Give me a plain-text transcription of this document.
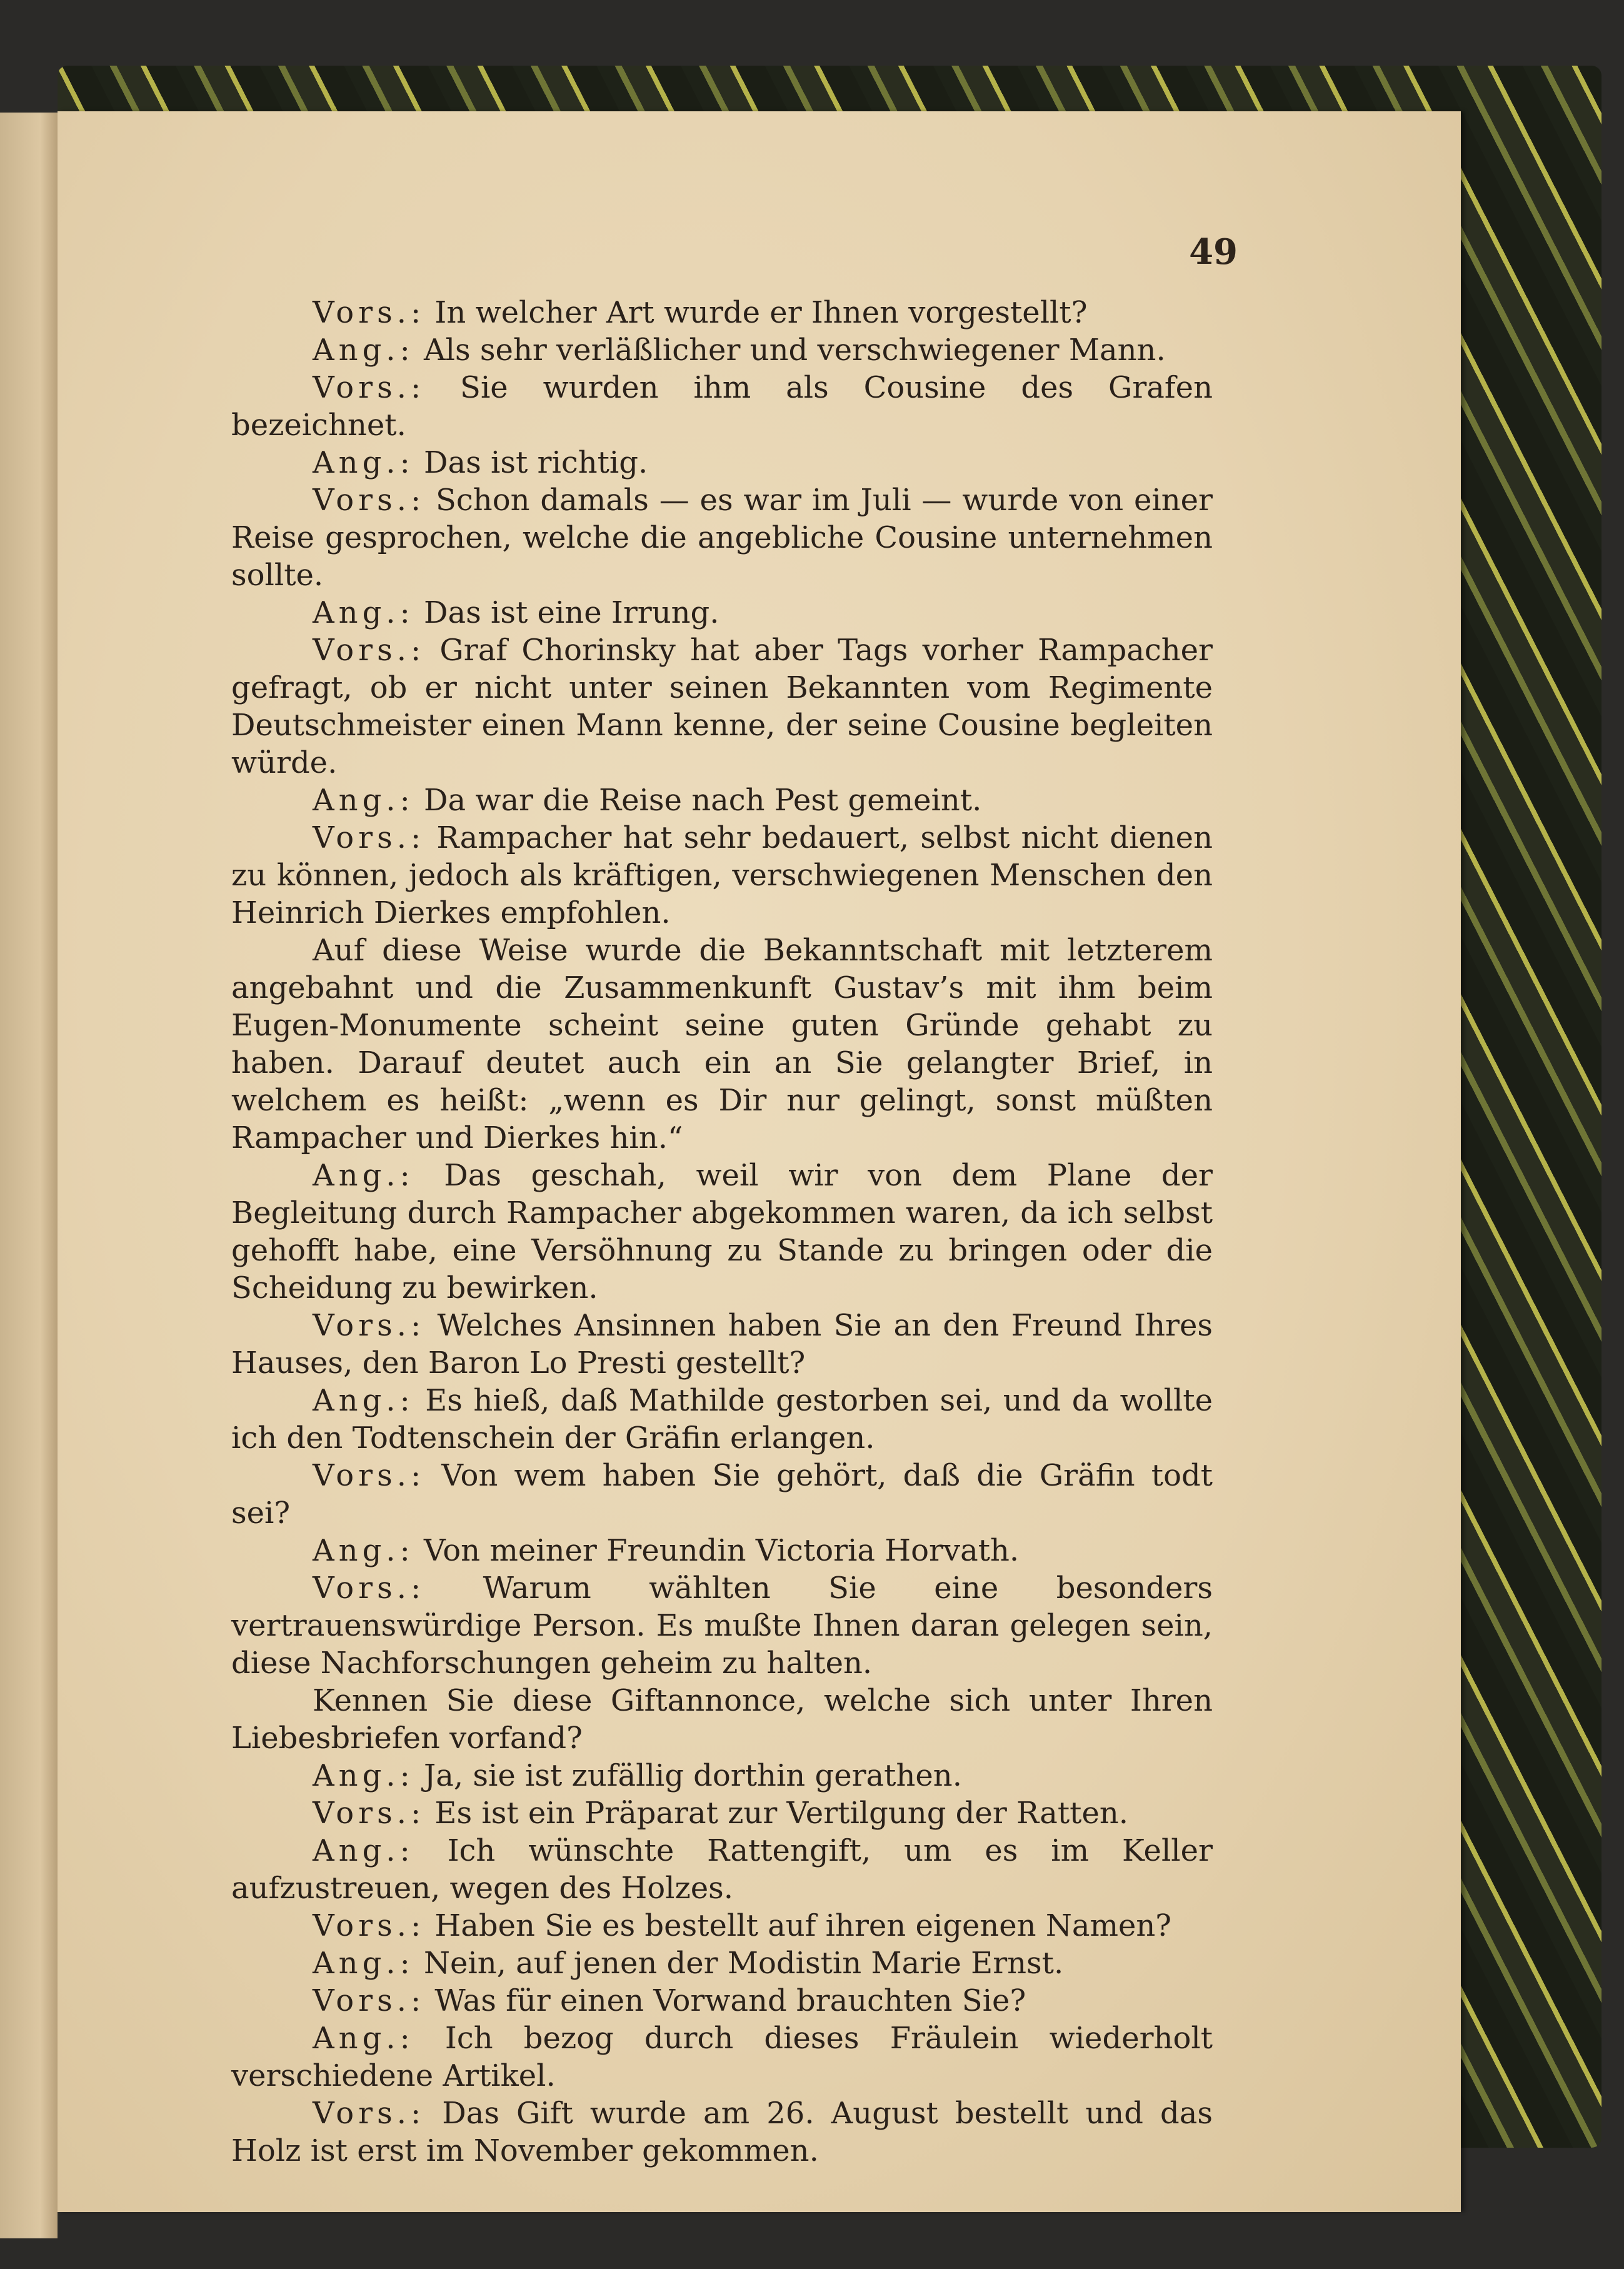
49

Vors.: In welcher Art wurde er Ihnen vorgestellt?

Ang.: Als sehr verläßlicher und verschwiegener Mann.

Vors.: Sie wurden ihm als Cousine des Grafen bezeichnet.

Ang.: Das ist richtig.

Vors.: Schon damals — es war im Juli — wurde von einer Reise gesprochen, welche die angebliche Cousine unternehmen sollte.

Ang.: Das ist eine Irrung.

Vors.: Graf Chorinsky hat aber Tags vorher Rampacher gefragt, ob er nicht unter seinen Bekannten vom Regimente Deutschmeister einen Mann kenne, der seine Cousine begleiten würde.

Ang.: Da war die Reise nach Pest gemeint.

Vors.: Rampacher hat sehr bedauert, selbst nicht dienen zu können, jedoch als kräftigen, verschwiegenen Menschen den Heinrich Dierkes empfohlen.

Auf diese Weise wurde die Bekanntschaft mit letzterem angebahnt und die Zusammenkunft Gustav’s mit ihm beim Eugen-Monumente scheint seine guten Gründe gehabt zu haben. Darauf deutet auch ein an Sie gelangter Brief, in welchem es heißt: „wenn es Dir nur gelingt, sonst müßten Rampacher und Dierkes hin.“

Ang.: Das geschah, weil wir von dem Plane der Begleitung durch Rampacher abgekommen waren, da ich selbst gehofft habe, eine Versöhnung zu Stande zu bringen oder die Scheidung zu bewirken.

Vors.: Welches Ansinnen haben Sie an den Freund Ihres Hauses, den Baron Lo Presti gestellt?

Ang.: Es hieß, daß Mathilde gestorben sei, und da wollte ich den Todtenschein der Gräfin erlangen.

Vors.: Von wem haben Sie gehört, daß die Gräfin todt sei?

Ang.: Von meiner Freundin Victoria Horvath.

Vors.: Warum wählten Sie eine besonders vertrauenswürdige Person. Es mußte Ihnen daran gelegen sein, diese Nachforschungen geheim zu halten.

Kennen Sie diese Giftannonce, welche sich unter Ihren Liebesbriefen vorfand?

Ang.: Ja, sie ist zufällig dorthin gerathen.

Vors.: Es ist ein Präparat zur Vertilgung der Ratten.

Ang.: Ich wünschte Rattengift, um es im Keller aufzustreuen, wegen des Holzes.

Vors.: Haben Sie es bestellt auf ihren eigenen Namen?

Ang.: Nein, auf jenen der Modistin Marie Ernst.

Vors.: Was für einen Vorwand brauchten Sie?

Ang.: Ich bezog durch dieses Fräulein wiederholt verschiedene Artikel.

Vors.: Das Gift wurde am 26. August bestellt und das Holz ist erst im November gekommen.
